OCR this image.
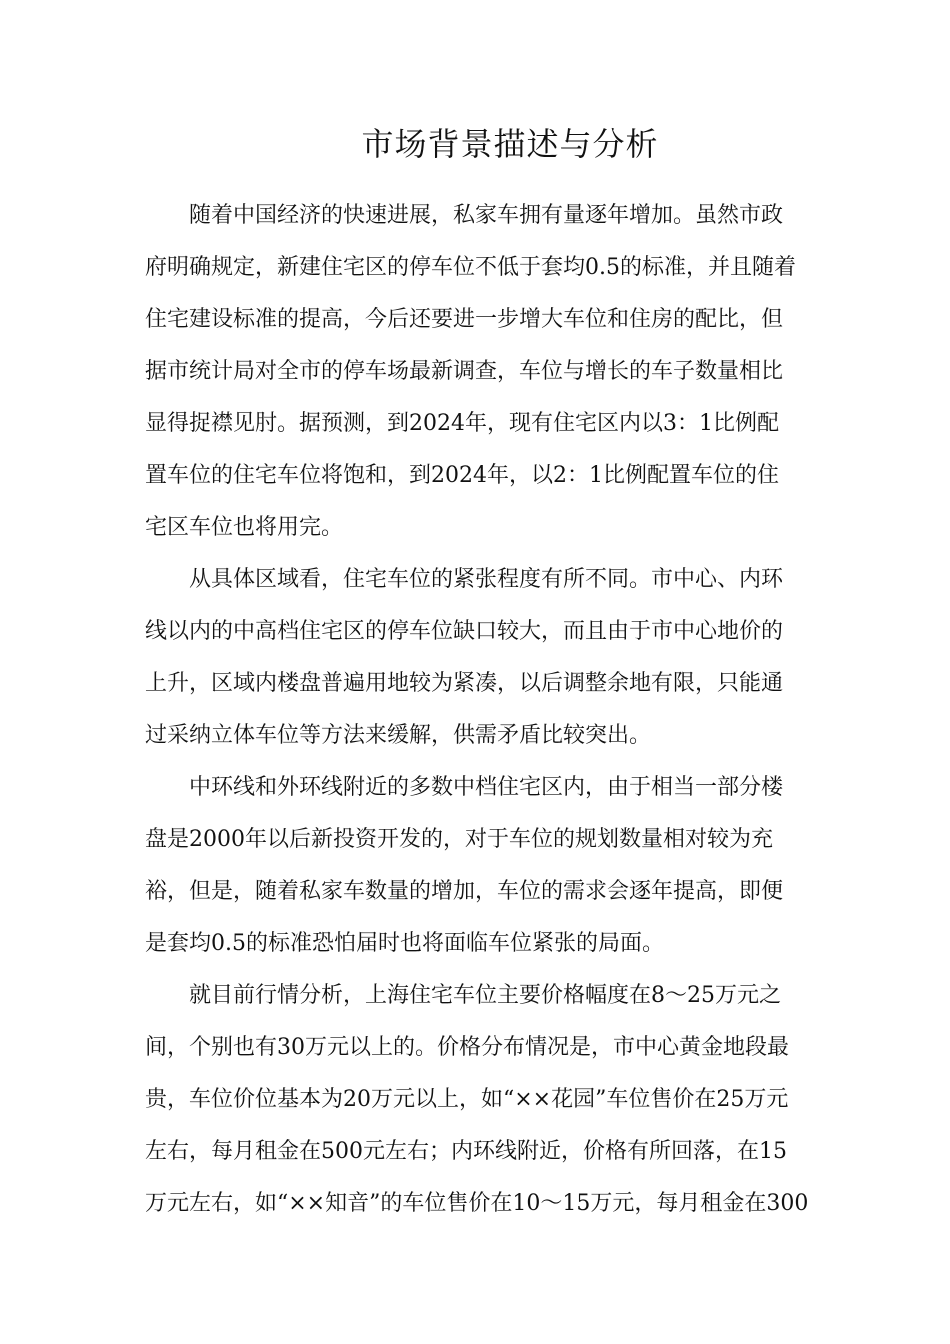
市场背景描述与分析

随着中国经济的快速进展，私家车拥有量逐年增加。虽然市政
府明确规定，新建住宅区的停车位不低于套均0.5的标准，并且随着
住宅建设标准的提高，今后还要进一步增大车位和住房的配比，但
据市统计局对全市的停车场最新调查，车位与增长的车子数量相比
显得捉襟见肘。据预测，到2024年，现有住宅区内以3：1比例配
置车位的住宅车位将饱和，到2024年，以2：1比例配置车位的住
宅区车位也将用完。

从具体区域看，住宅车位的紧张程度有所不同。市中心、内环
线以内的中高档住宅区的停车位缺口较大，而且由于市中心地价的
上升，区域内楼盘普遍用地较为紧凑，以后调整余地有限，只能通
过采纳立体车位等方法来缓解，供需矛盾比较突出。

中环线和外环线附近的多数中档住宅区内，由于相当一部分楼
盘是2000年以后新投资开发的，对于车位的规划数量相对较为充
裕，但是，随着私家车数量的增加，车位的需求会逐年提高，即便
是套均0.5的标准恐怕届时也将面临车位紧张的局面。

就目前行情分析，上海住宅车位主要价格幅度在8～25万元之
间，个别也有30万元以上的。价格分布情况是，市中心黄金地段最
贵，车位价位基本为20万元以上，如“××花园”车位售价在25万元
左右，每月租金在500元左右；内环线附近，价格有所回落，在15
万元左右，如“××知音”的车位售价在10～15万元，每月租金在300
